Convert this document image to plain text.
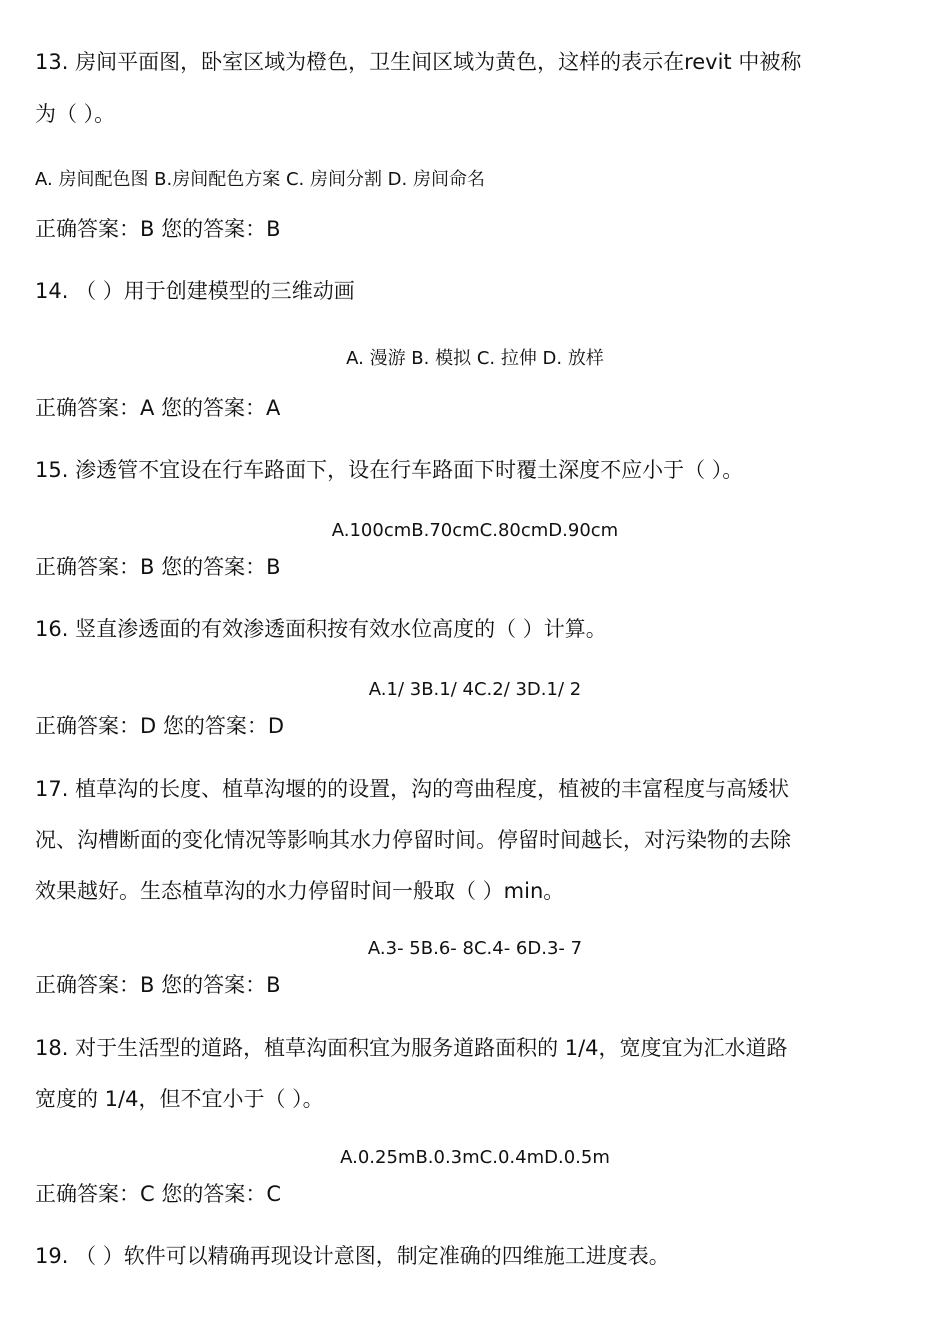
13. 房间平面图，卧室区域为橙色，卫生间区域为黄色，这样的表示在revit 中被称
为（ ）。
A. 房间配色图 B.房间配色方案 C. 房间分割 D. 房间命名
正确答案：B 您的答案：B
14. （ ）用于创建模型的三维动画
A. 漫游 B. 模拟 C. 拉伸 D. 放样
正确答案：A 您的答案：A
15. 渗透管不宜设在行车路面下，设在行车路面下时覆土深度不应小于（ ）。
A.100cmB.70cmC.80cmD.90cm
正确答案：B 您的答案：B
16. 竖直渗透面的有效渗透面积按有效水位高度的（ ）计算。
A.1/ 3B.1/ 4C.2/ 3D.1/ 2
正确答案：D 您的答案：D
17. 植草沟的长度、植草沟堰的的设置，沟的弯曲程度，植被的丰富程度与高矮状
况、沟槽断面的变化情况等影响其水力停留时间。停留时间越长，对污染物的去除
效果越好。生态植草沟的水力停留时间一般取（ ）min。
A.3- 5B.6- 8C.4- 6D.3- 7
正确答案：B 您的答案：B
18. 对于生活型的道路，植草沟面积宜为服务道路面积的 1/4，宽度宜为汇水道路
宽度的 1/4，但不宜小于（ ）。
A.0.25mB.0.3mC.0.4mD.0.5m
正确答案：C 您的答案：C
19. （ ）软件可以精确再现设计意图，制定准确的四维施工进度表。
